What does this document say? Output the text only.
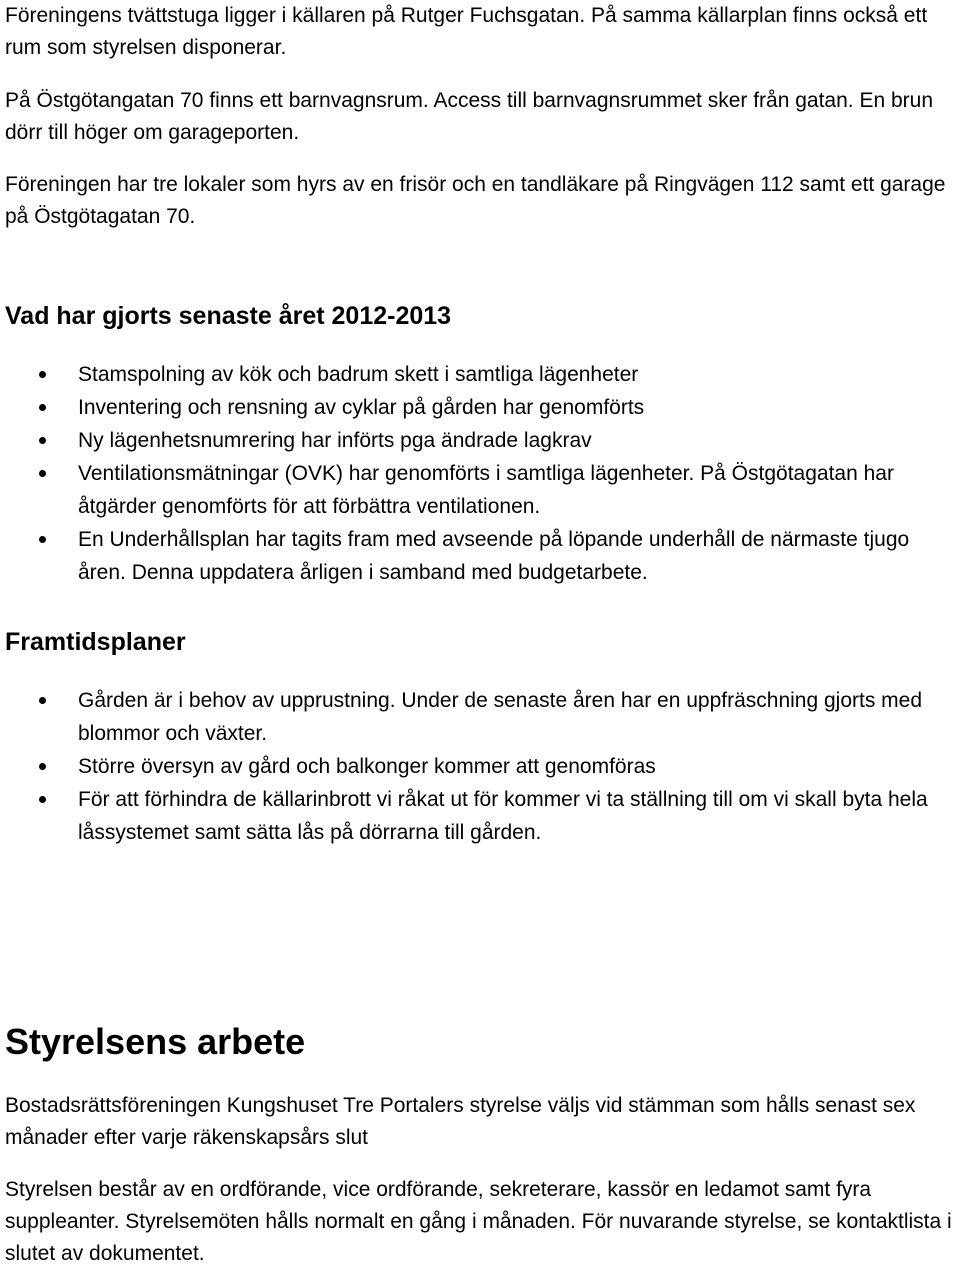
Föreningens tvättstuga ligger i källaren på Rutger Fuchsgatan. På samma källarplan finns också ett rum som styrelsen disponerar.

På Östgötangatan 70 finns ett barnvagnsrum. Access till barnvagnsrummet sker från gatan. En brun dörr till höger om garageporten.

Föreningen har tre lokaler som hyrs av en frisör och en tandläkare på Ringvägen 112 samt ett garage på Östgötagatan 70.

Vad har gjorts senaste året 2012-2013
Stamspolning av kök och badrum skett i samtliga lägenheter
Inventering och rensning av cyklar på gården har genomförts
Ny lägenhetsnumrering har införts pga ändrade lagkrav
Ventilationsmätningar (OVK) har genomförts i samtliga lägenheter. På Östgötagatan har åtgärder genomförts för att förbättra ventilationen.
En Underhållsplan har tagits fram med avseende på löpande underhåll de närmaste tjugo åren. Denna uppdatera årligen i samband med budgetarbete.
Framtidsplaner
Gården är i behov av upprustning. Under de senaste åren har en uppfräschning gjorts med blommor och växter.
Större översyn av gård och balkonger kommer att genomföras
För att förhindra de källarinbrott vi råkat ut för kommer vi ta ställning till om vi skall byta hela låssystemet samt sätta lås på dörrarna till gården.
Styrelsens arbete

Bostadsrättsföreningen Kungshuset Tre Portalers styrelse väljs vid stämman som hålls senast sex månader efter varje räkenskapsårs slut

Styrelsen består av en ordförande, vice ordförande, sekreterare, kassör en ledamot samt fyra suppleanter. Styrelsemöten hålls normalt en gång i månaden. För nuvarande styrelse, se kontaktlista i slutet av dokumentet.
